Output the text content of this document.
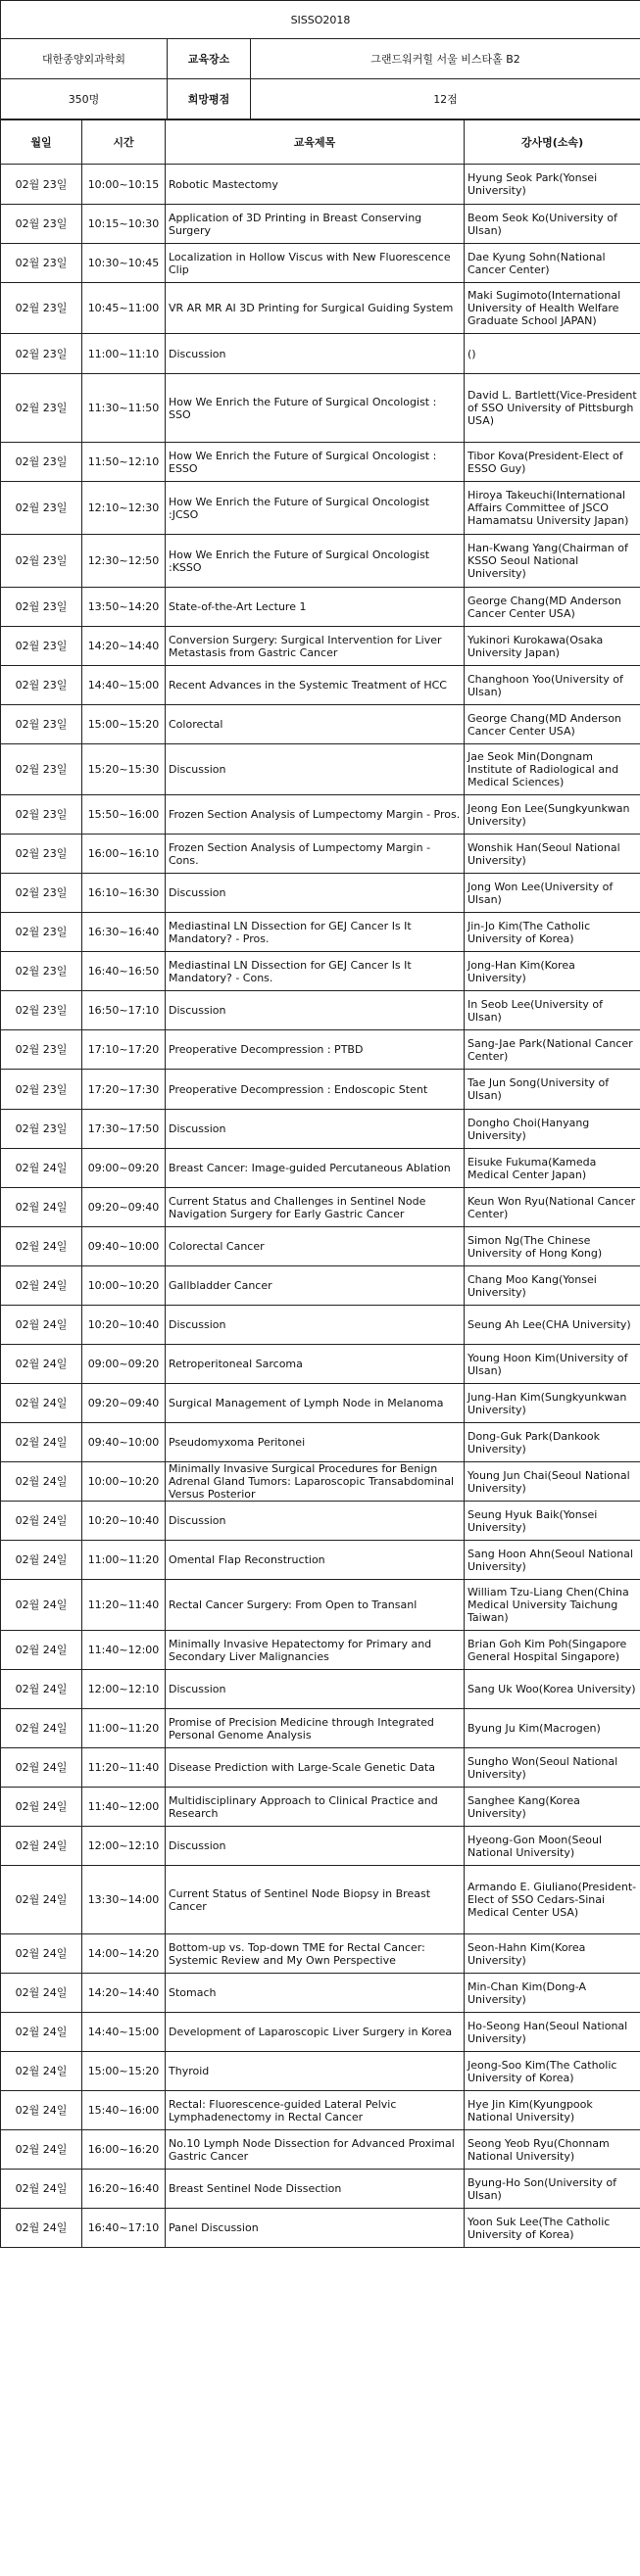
SISSO2018		
대한종양외과학회	교육장소	그랜드워커힐 서울 비스타홀 B2
350명	희망평점	12점
월일	시간	교육제목	강사명(소속)
02월 23일	10:00~10:15	Robotic Mastectomy	Hyung Seok Park(Yonsei University)
02월 23일	10:15~10:30	Application of 3D Printing in Breast Conserving Surgery	Beom Seok Ko(University of Ulsan)
02월 23일	10:30~10:45	Localization in Hollow Viscus with New Fluorescence Clip	Dae Kyung Sohn(National Cancer Center)
02월 23일	10:45~11:00	VR AR MR AI 3D Printing for Surgical Guiding System	Maki Sugimoto(International University of Health Welfare Graduate School JAPAN)
02월 23일	11:00~11:10	Discussion	()
02월 23일	11:30~11:50	How We Enrich the Future of Surgical Oncologist : SSO	David L. Bartlett(Vice-President of SSO University of Pittsburgh USA)
02월 23일	11:50~12:10	How We Enrich the Future of Surgical Oncologist : ESSO	Tibor Kova(President-Elect of ESSO Guy)
02월 23일	12:10~12:30	How We Enrich the Future of Surgical Oncologist :JCSO	Hiroya Takeuchi(International Affairs Committee of JSCO Hamamatsu University Japan)
02월 23일	12:30~12:50	How We Enrich the Future of Surgical Oncologist :KSSO	Han-Kwang Yang(Chairman of KSSO Seoul National University)
02월 23일	13:50~14:20	State-of-the-Art Lecture 1	George Chang(MD Anderson Cancer Center USA)
02월 23일	14:20~14:40	Conversion Surgery: Surgical Intervention for Liver Metastasis from Gastric Cancer	Yukinori Kurokawa(Osaka University Japan)
02월 23일	14:40~15:00	Recent Advances in the Systemic Treatment of HCC	Changhoon Yoo(University of Ulsan)
02월 23일	15:00~15:20	Colorectal	George Chang(MD Anderson Cancer Center USA)
02월 23일	15:20~15:30	Discussion	Jae Seok Min(Dongnam Institute of Radiological and Medical Sciences)
02월 23일	15:50~16:00	Frozen Section Analysis of Lumpectomy Margin - Pros.	Jeong Eon Lee(Sungkyunkwan University)
02월 23일	16:00~16:10	Frozen Section Analysis of Lumpectomy Margin - Cons.	Wonshik Han(Seoul National University)
02월 23일	16:10~16:30	Discussion	Jong Won Lee(University of Ulsan)
02월 23일	16:30~16:40	Mediastinal LN Dissection for GEJ Cancer Is It Mandatory? - Pros.	Jin-Jo Kim(The Catholic University of Korea)
02월 23일	16:40~16:50	Mediastinal LN Dissection for GEJ Cancer Is It Mandatory? - Cons.	Jong-Han Kim(Korea University)
02월 23일	16:50~17:10	Discussion	In Seob Lee(University of Ulsan)
02월 23일	17:10~17:20	Preoperative Decompression : PTBD	Sang-Jae Park(National Cancer Center)
02월 23일	17:20~17:30	Preoperative Decompression : Endoscopic Stent	Tae Jun Song(University of Ulsan)
02월 23일	17:30~17:50	Discussion	Dongho Choi(Hanyang University)
02월 24일	09:00~09:20	Breast Cancer: Image-guided Percutaneous Ablation	Eisuke Fukuma(Kameda Medical Center Japan)
02월 24일	09:20~09:40	Current Status and Challenges in Sentinel Node Navigation Surgery for Early Gastric Cancer	Keun Won Ryu(National Cancer Center)
02월 24일	09:40~10:00	Colorectal Cancer	Simon Ng(The Chinese University of Hong Kong)
02월 24일	10:00~10:20	Gallbladder Cancer	Chang Moo Kang(Yonsei University)
02월 24일	10:20~10:40	Discussion	Seung Ah Lee(CHA University)
02월 24일	09:00~09:20	Retroperitoneal Sarcoma	Young Hoon Kim(University of Ulsan)
02월 24일	09:20~09:40	Surgical Management of Lymph Node in Melanoma	Jung-Han Kim(Sungkyunkwan University)
02월 24일	09:40~10:00	Pseudomyxoma Peritonei	Dong-Guk Park(Dankook University)
02월 24일	10:00~10:20	Minimally Invasive Surgical Procedures for Benign Adrenal Gland Tumors: Laparoscopic Transabdominal Versus Posterior	Young Jun Chai(Seoul National University)
02월 24일	10:20~10:40	Discussion	Seung Hyuk Baik(Yonsei University)
02월 24일	11:00~11:20	Omental Flap Reconstruction	Sang Hoon Ahn(Seoul National University)
02월 24일	11:20~11:40	Rectal Cancer Surgery: From Open to Transanl	William Tzu-Liang Chen(China Medical University Taichung Taiwan)
02월 24일	11:40~12:00	Minimally Invasive Hepatectomy for Primary and Secondary Liver Malignancies	Brian Goh Kim Poh(Singapore General Hospital Singapore)
02월 24일	12:00~12:10	Discussion	Sang Uk Woo(Korea University)
02월 24일	11:00~11:20	Promise of Precision Medicine through Integrated Personal Genome Analysis	Byung Ju Kim(Macrogen)
02월 24일	11:20~11:40	Disease Prediction with Large-Scale Genetic Data	Sungho Won(Seoul National University)
02월 24일	11:40~12:00	Multidisciplinary Approach to Clinical Practice and Research	Sanghee Kang(Korea University)
02월 24일	12:00~12:10	Discussion	Hyeong-Gon Moon(Seoul National University)
02월 24일	13:30~14:00	Current Status of Sentinel Node Biopsy in Breast Cancer	Armando E. Giuliano(President-Elect of SSO Cedars-Sinai Medical Center USA)
02월 24일	14:00~14:20	Bottom-up vs. Top-down TME for Rectal Cancer: Systemic Review and My Own Perspective	Seon-Hahn Kim(Korea University)
02월 24일	14:20~14:40	Stomach	Min-Chan Kim(Dong-A University)
02월 24일	14:40~15:00	Development of Laparoscopic Liver Surgery in Korea	Ho-Seong Han(Seoul National University)
02월 24일	15:00~15:20	Thyroid	Jeong-Soo Kim(The Catholic University of Korea)
02월 24일	15:40~16:00	Rectal: Fluorescence-guided Lateral Pelvic Lymphadenectomy in Rectal Cancer	Hye Jin Kim(Kyungpook National University)
02월 24일	16:00~16:20	No.10 Lymph Node Dissection for Advanced Proximal Gastric Cancer	Seong Yeob Ryu(Chonnam National University)
02월 24일	16:20~16:40	Breast Sentinel Node Dissection	Byung-Ho Son(University of Ulsan)
02월 24일	16:40~17:10	Panel Discussion	Yoon Suk Lee(The Catholic University of Korea)
